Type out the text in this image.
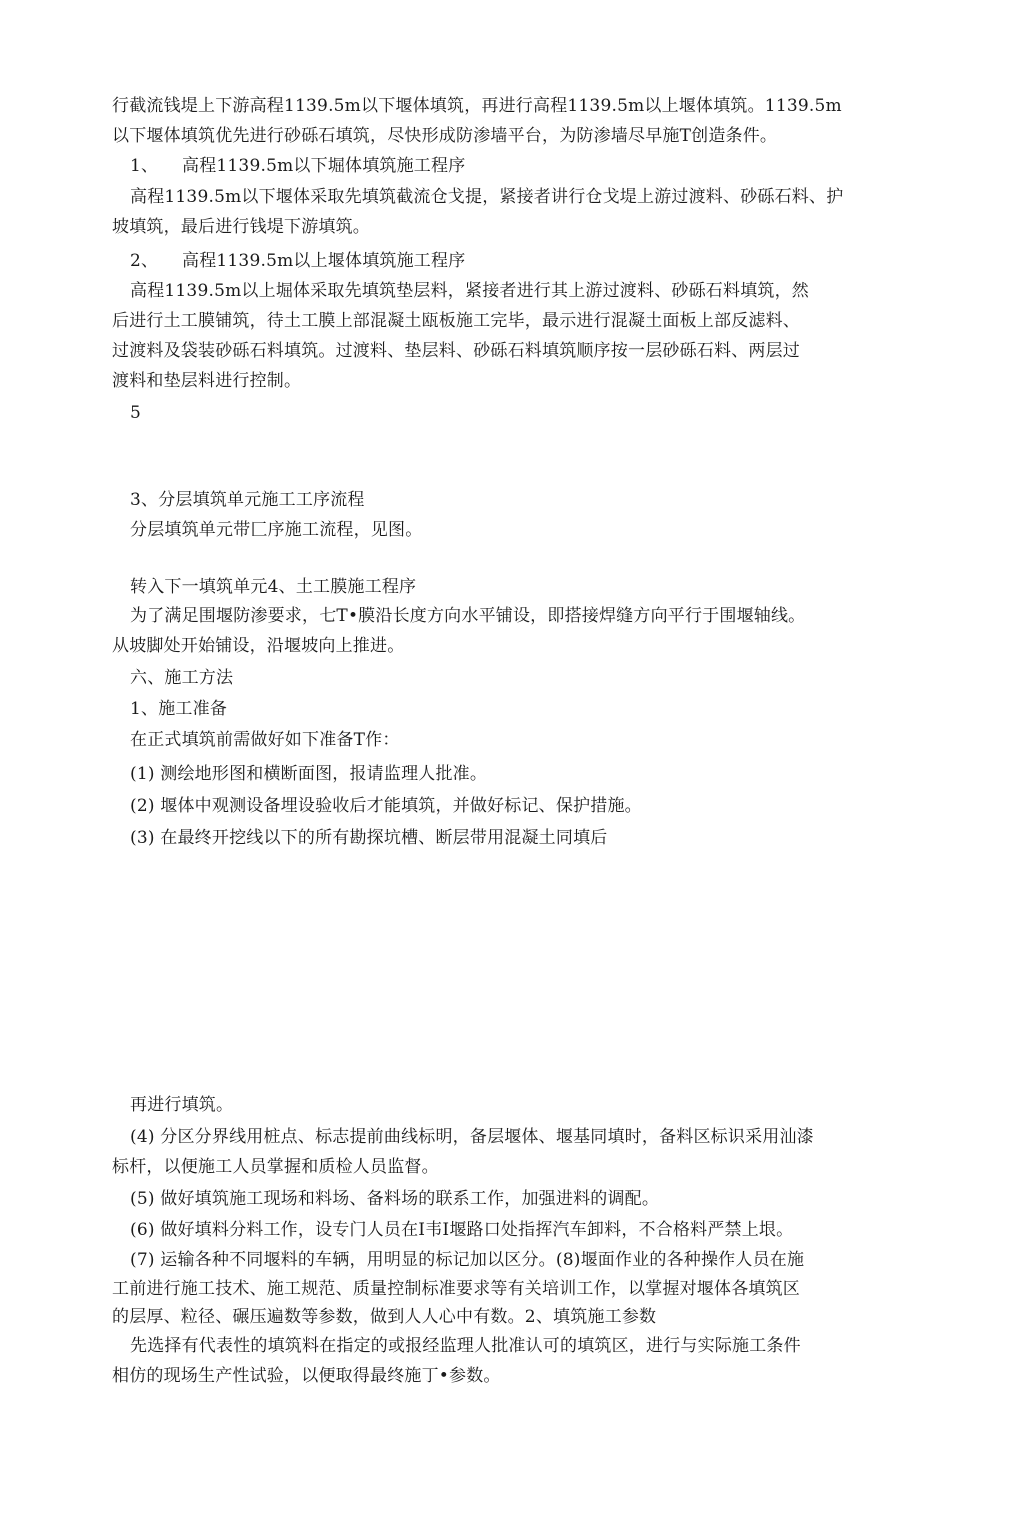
行截流钱堤上下游高程1139.5m以下堰体填筑，再进行高程1139.5m以上堰体填筑。1139.5m
以下堰体填筑优先进行砂砾石填筑，尽快形成防渗墙平台，为防渗墙尽早施T创造条件。
1、 高程1139.5m以下堀体填筑施工程序
高程1139.5m以下堰体采取先填筑截流仓戈提，紧接者讲行仓戈堤上游过渡料、砂砾石料、护
坡填筑，最后进行钱堤下游填筑。
2、 高程1139.5m以上堰体填筑施工程序
高程1139.5m以上堀体采取先填筑垫层料，紧接者进行其上游过渡料、砂砾石料填筑，然
后进行土工膜铺筑，待土工膜上部混凝土瓯板施工完毕，最示进行混凝土面板上部反滤料、
过渡料及袋装砂砾石料填筑。过渡料、垫层料、砂砾石料填筑顺序按一层砂砾石料、两层过
渡料和垫层料进行控制。
5
3、分层填筑单元施工工序流程
分层填筑单元带匚序施工流程，见图。
转入下一填筑单元4、土工膜施工程序
为了满足围堰防渗要求，七T•膜沿长度方向水平铺设，即搭接焊缝方向平行于围堰轴线。
从坡脚处开始铺设，沿堰坡向上推进。
六、施工方法
1、施工准备
在正式填筑前需做好如下准备T作：
(1) 测绘地形图和横断面图，报请监理人批准。
(2) 堰体中观测设备埋设验收后才能填筑，并做好标记、保护措施。
(3) 在最终开挖线以下的所有勘探坑槽、断层带用混凝土同填后
再进行填筑。
(4) 分区分界线用桩点、标志提前曲线标明，备层堰体、堰基同填时，备料区标识采用汕漆
标杆，以便施工人员掌握和质检人员监督。
(5) 做好填筑施工现场和料场、备料场的联系工作，加强进料的调配。
(6) 做好填料分料工作，设专门人员在I韦I堰路口处指挥汽车卸料，不合格料严禁上垠。
(7) 运输各种不同堰料的车辆，用明显的标记加以区分。(8)堰面作业的各种操作人员在施
工前进行施工技术、施工规范、质量控制标准要求等有关培训工作，以掌握对堰体各填筑区
的层厚、粒径、碾压遍数等参数，做到人人心中有数。2、填筑施工参数
先选择有代表性的填筑料在指定的或报经监理人批准认可的填筑区，进行与实际施工条件
相仿的现场生产性试验，以便取得最终施丁•参数。
